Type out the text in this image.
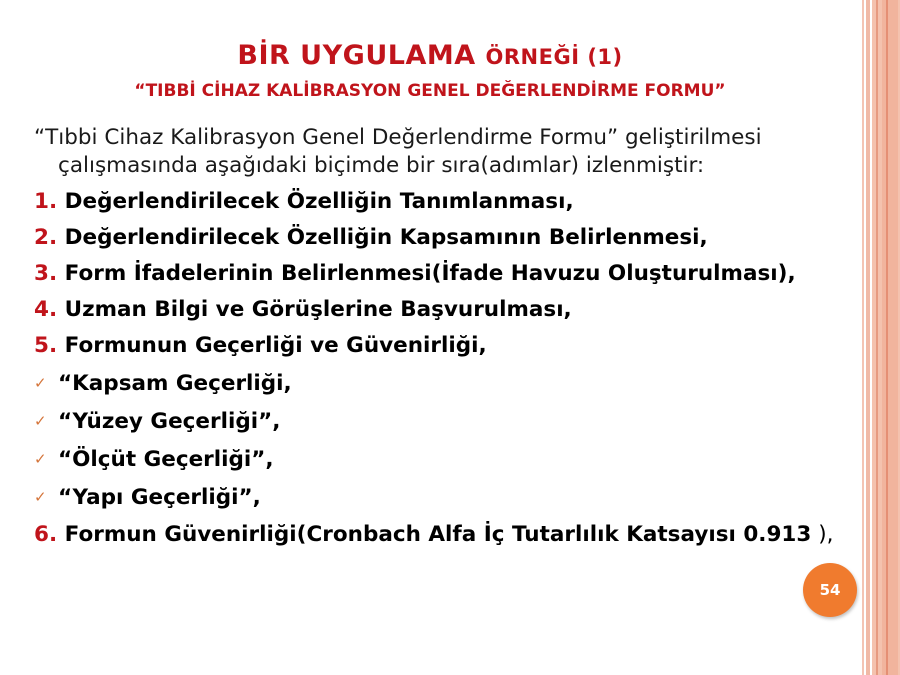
BİR UYGULAMA ÖRNEĞİ (1)
“TIBBİ CİHAZ KALİBRASYON GENEL DEĞERLENDİRME FORMU”

“Tıbbi Cihaz Kalibrasyon Genel Değerlendirme Formu” geliştirilmesi çalışmasında aşağıdaki biçimde bir sıra(adımlar) izlenmiştir:

1. Değerlendirilecek Özelliğin Tanımlanması,

2. Değerlendirilecek Özelliğin Kapsamının Belirlenmesi,

3. Form İfadelerinin Belirlenmesi(İfade Havuzu Oluşturulması),

4. Uzman Bilgi ve Görüşlerine Başvurulması,

5. Formunun Geçerliği ve Güvenirliği,

✓ “Kapsam Geçerliği,

✓ “Yüzey Geçerliği”,

✓ “Ölçüt Geçerliği”,

✓ “Yapı Geçerliği”,

6. Formun Güvenirliği(Cronbach Alfa İç Tutarlılık Katsayısı 0.913 ),

54
